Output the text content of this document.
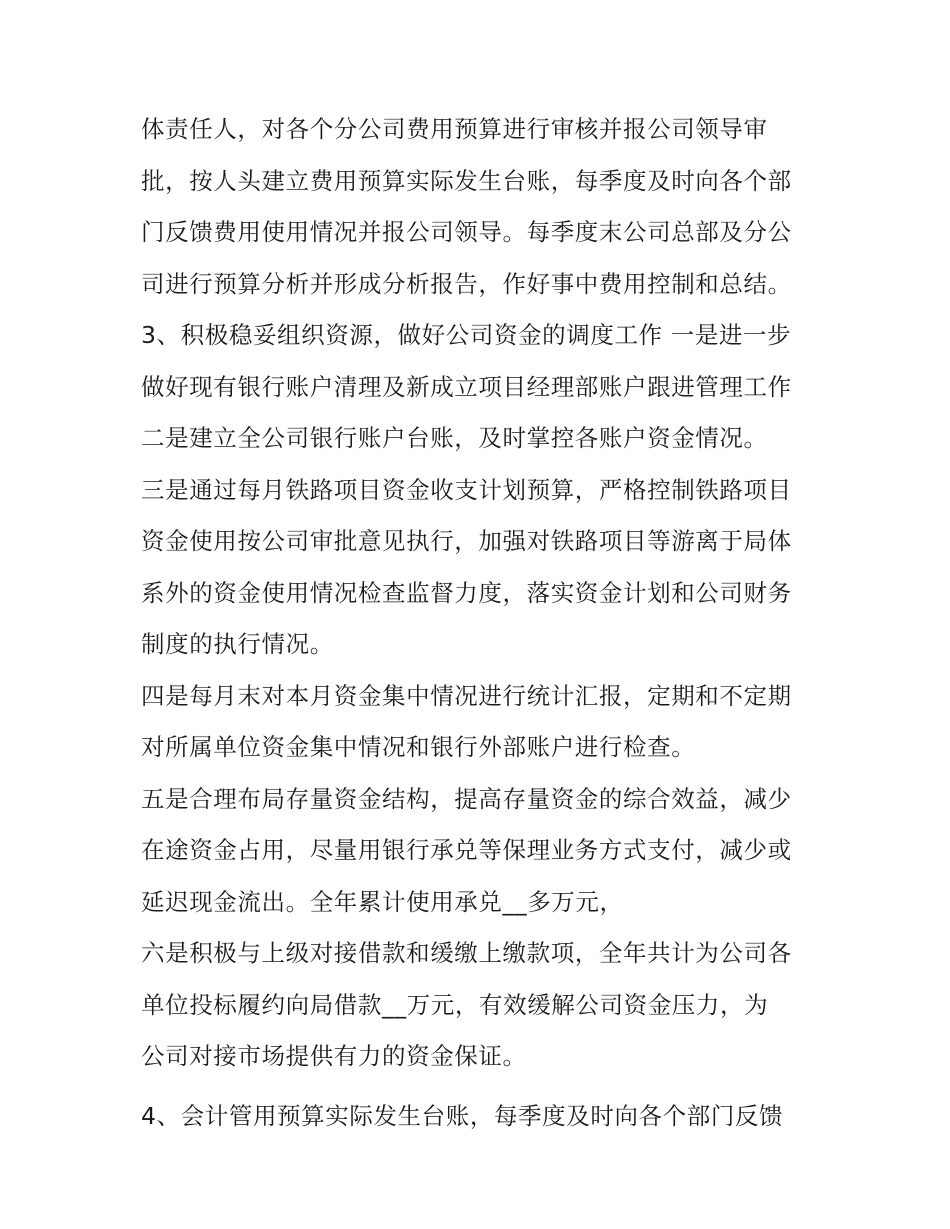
体责任人，对各个分公司费用预算进行审核并报公司领导审
批，按人头建立费用预算实际发生台账，每季度及时向各个部
门反馈费用使用情况并报公司领导。每季度末公司总部及分公
司进行预算分析并形成分析报告，作好事中费用控制和总结。
3、积极稳妥组织资源，做好公司资金的调度工作 一是进一步
做好现有银行账户清理及新成立项目经理部账户跟进管理工作
二是建立全公司银行账户台账，及时掌控各账户资金情况。
三是通过每月铁路项目资金收支计划预算，严格控制铁路项目
资金使用按公司审批意见执行，加强对铁路项目等游离于局体
系外的资金使用情况检查监督力度，落实资金计划和公司财务
制度的执行情况。
四是每月末对本月资金集中情况进行统计汇报，定期和不定期
对所属单位资金集中情况和银行外部账户进行检查。
五是合理布局存量资金结构，提高存量资金的综合效益，减少
在途资金占用，尽量用银行承兑等保理业务方式支付，减少或
延迟现金流出。全年累计使用承兑__多万元，
六是积极与上级对接借款和缓缴上缴款项，全年共计为公司各
单位投标履约向局借款__万元，有效缓解公司资金压力，为
公司对接市场提供有力的资金保证。
4、会计管用预算实际发生台账，每季度及时向各个部门反馈
